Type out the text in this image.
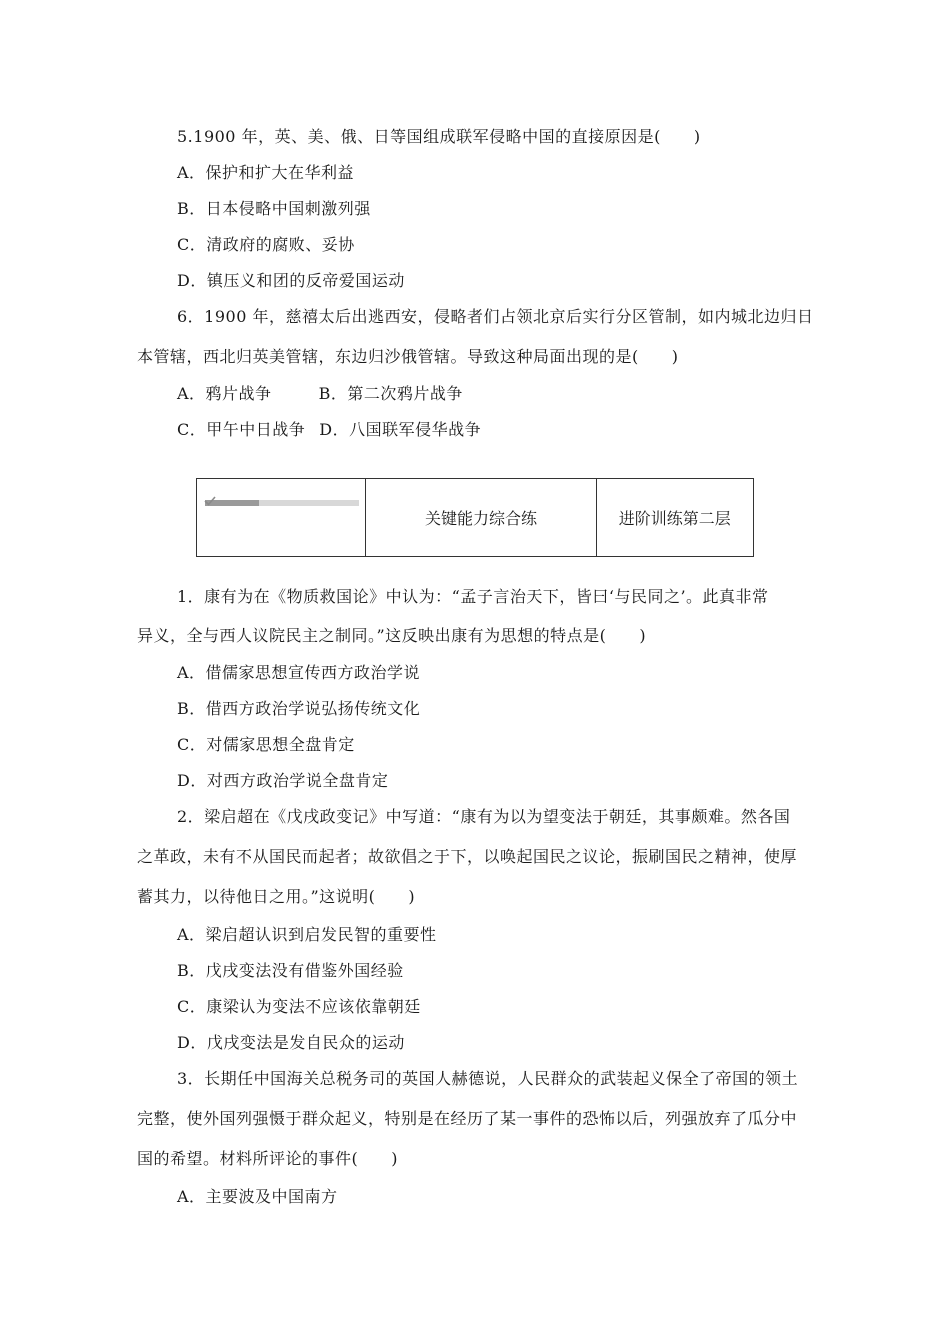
5.1900 年，英、美、俄、日等国组成联军侵略中国的直接原因是(　　)
A．保护和扩大在华利益
B．日本侵略中国刺激列强
C．清政府的腐败、妥协
D．镇压义和团的反帝爱国运动
6．1900 年，慈禧太后出逃西安，侵略者们占领北京后实行分区管制，如内城北边归日
本管辖，西北归英美管辖，东边归沙俄管辖。导致这种局面出现的是(　　)
A．鸦片战争	B．第二次鸦片战争
C．甲午中日战争 D．八国联军侵华战争
关键能力综合练	进阶训练第二层
1．康有为在《物质救国论》中认为：“孟子言治天下，皆曰‘与民同之’。此真非常
异义，全与西人议院民主之制同。”这反映出康有为思想的特点是(　　)
A．借儒家思想宣传西方政治学说
B．借西方政治学说弘扬传统文化
C．对儒家思想全盘肯定
D．对西方政治学说全盘肯定
2．梁启超在《戊戌政变记》中写道：“康有为以为望变法于朝廷，其事颇难。然各国
之革政，未有不从国民而起者；故欲倡之于下，以唤起国民之议论，振刷国民之精神，使厚
蓄其力，以待他日之用。”这说明(　　)
A．梁启超认识到启发民智的重要性
B．戊戌变法没有借鉴外国经验
C．康梁认为变法不应该依靠朝廷
D．戊戌变法是发自民众的运动
3．长期任中国海关总税务司的英国人赫德说，人民群众的武装起义保全了帝国的领土
完整，使外国列强慑于群众起义，特别是在经历了某一事件的恐怖以后，列强放弃了瓜分中
国的希望。材料所评论的事件(　　)
A．主要波及中国南方
